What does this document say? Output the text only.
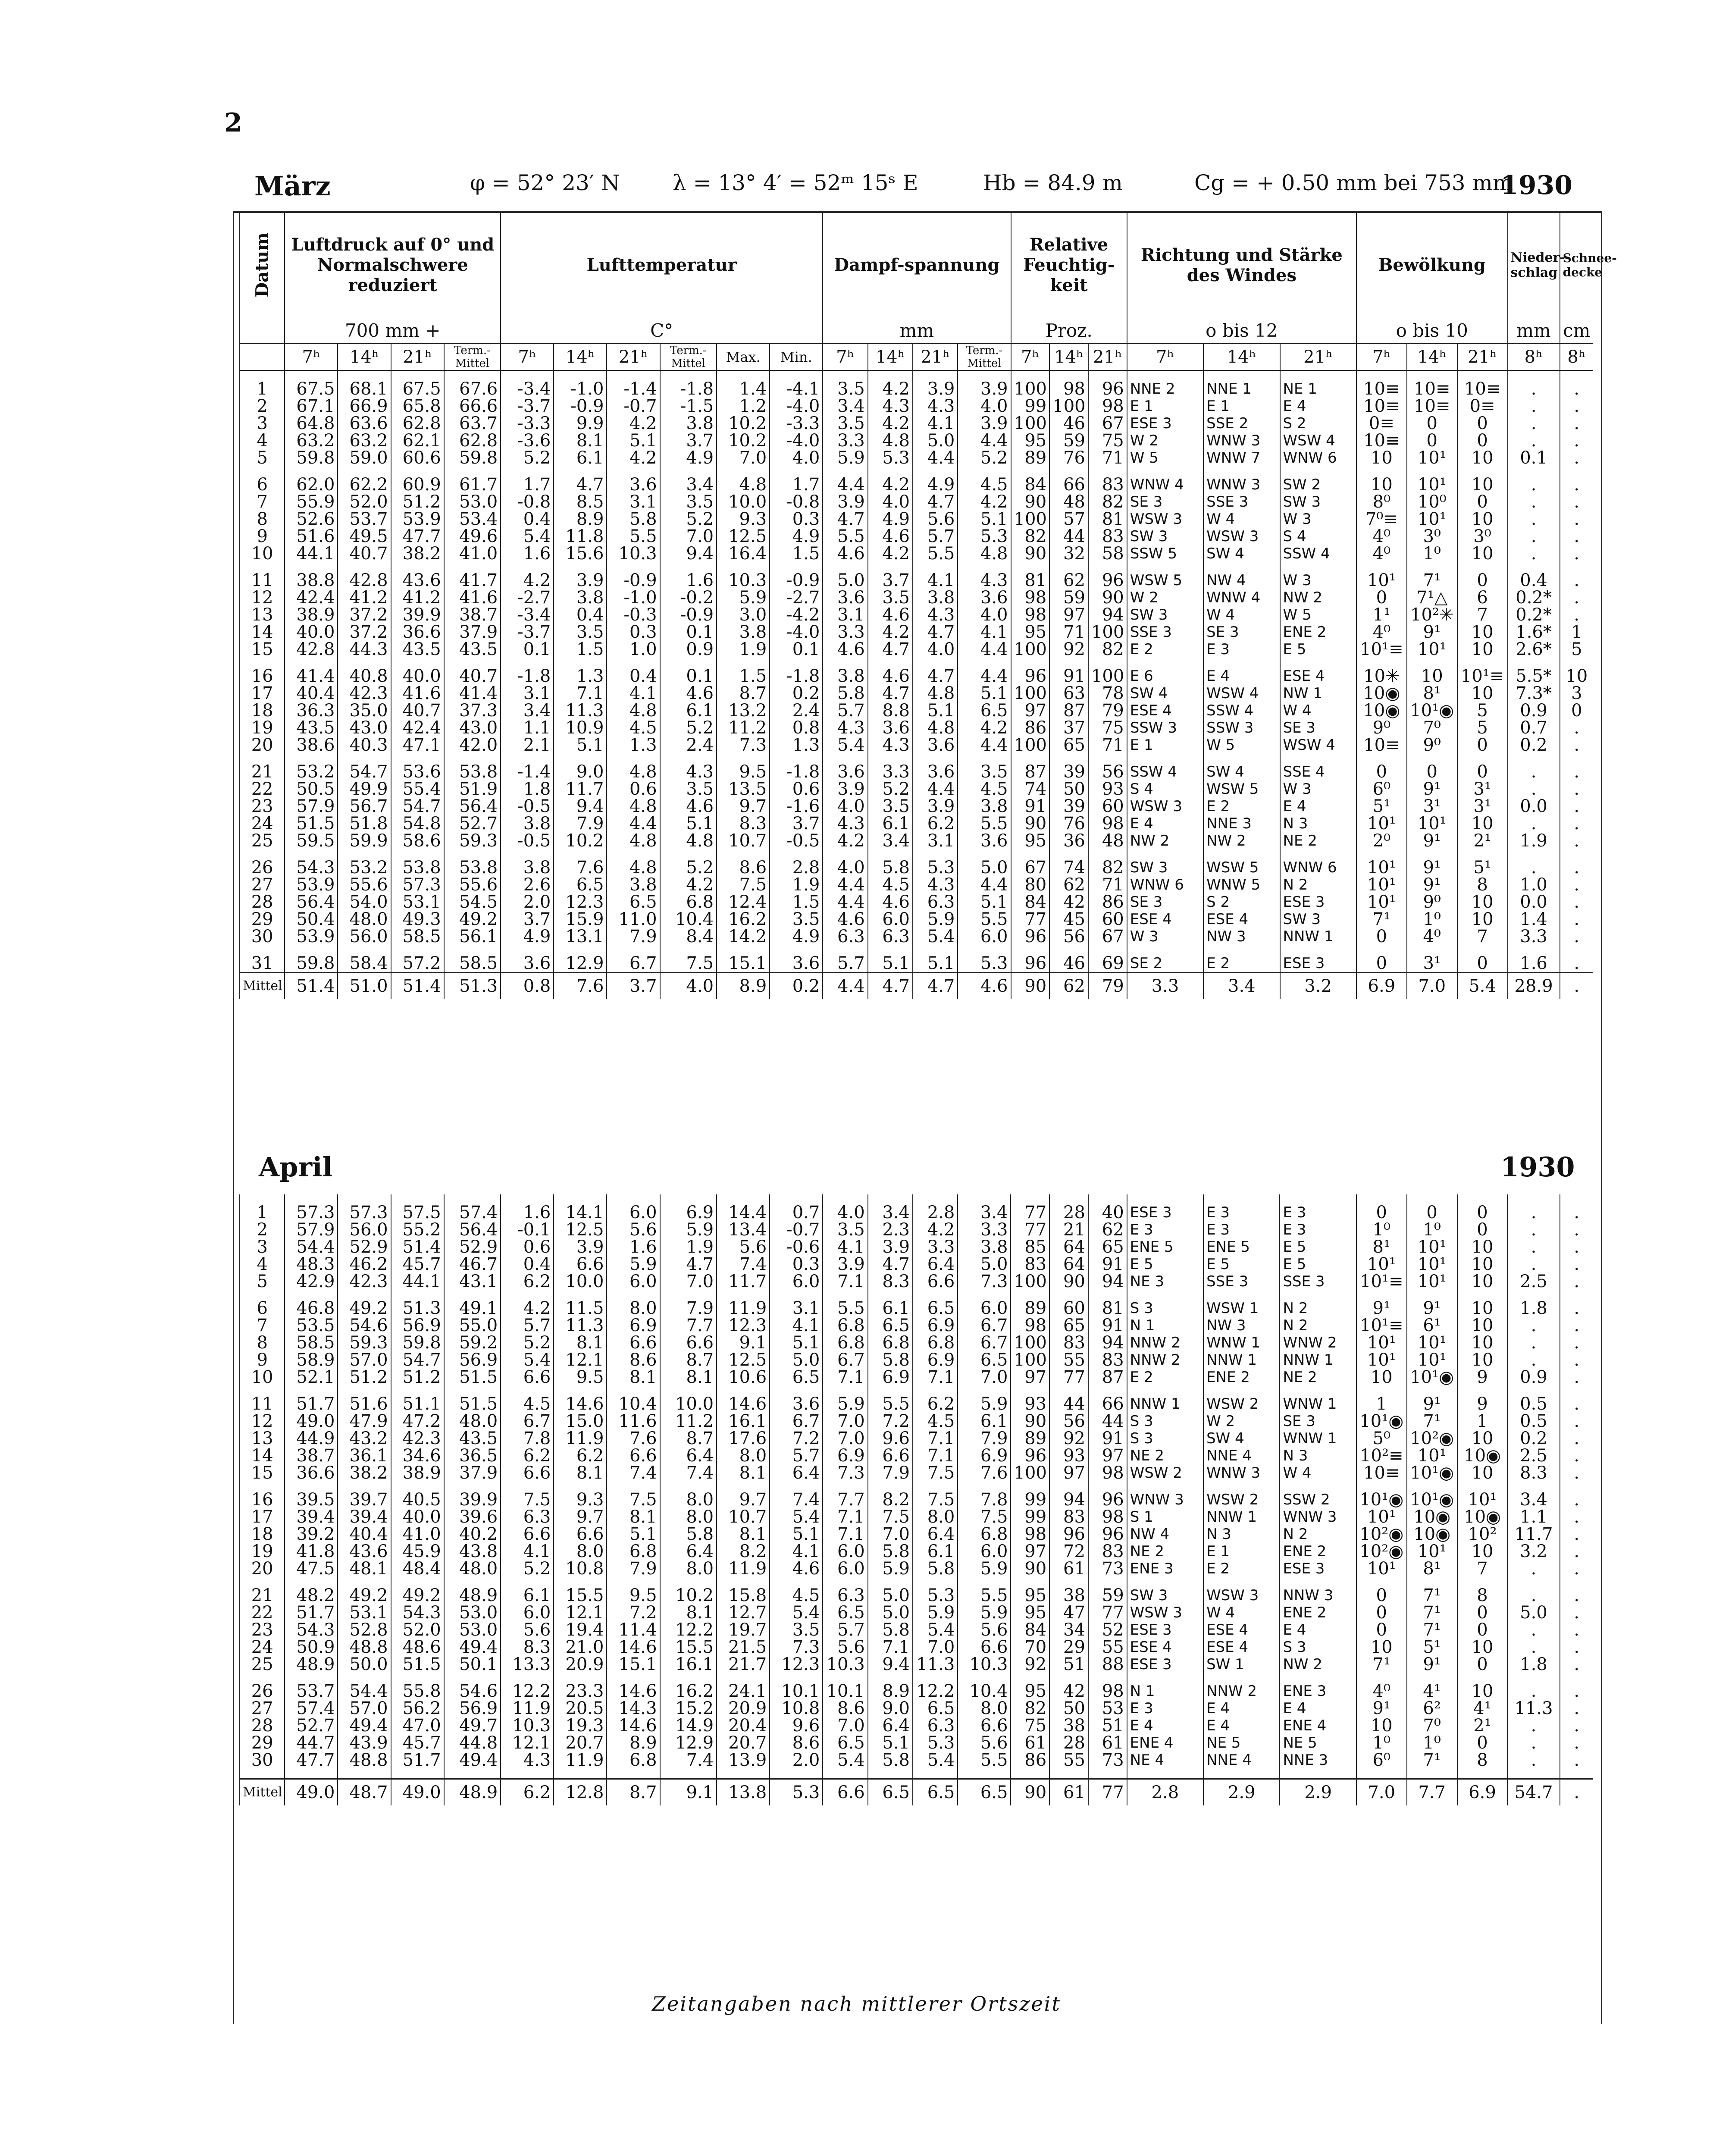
2
März	φ = 52° 23′ N λ = 13° 4′ = 52ᵐ 15ˢ E	Hb = 84.9 m	Cg = + 0.50 mm bei 753 mm
1930
Datum	Luftdruck auf 0° und Normalschwere reduziert				Lufttemperatur						Dampf-spannung				Relative Feuchtig-keit			Richtung und Stärke des Windes			Bewölkung			Nieder-schlag	Schnee-decke
	700 mm +				C°						mm				Proz.			o bis 12			o bis 10			mm	cm
	7ʰ	14ʰ	21ʰ	Term.-Mittel	7ʰ	14ʰ	21ʰ	Term.-Mittel	Max.	Min.	7ʰ	14ʰ	21ʰ	Term.-Mittel	7ʰ	14ʰ	21ʰ	7ʰ	14ʰ	21ʰ	7ʰ	14ʰ	21ʰ	8ʰ	8ʰ

1	67.5	68.1	67.5	67.6	-3.4	-1.0	-1.4	-1.8	1.4	-4.1	3.5	4.2	3.9	3.9	100	98	96	NNE 2	NNE 1	NE 1	10≡	10≡	10≡	.	.
2	67.1	66.9	65.8	66.6	-3.7	-0.9	-0.7	-1.5	1.2	-4.0	3.4	4.3	4.3	4.0	99	100	98	E 1	E 1	E 4	10≡	10≡	0≡	.	.
3	64.8	63.6	62.8	63.7	-3.3	9.9	4.2	3.8	10.2	-3.3	3.5	4.2	4.1	3.9	100	46	67	ESE 3	SSE 2	S 2	0≡	0	0	.	.
4	63.2	63.2	62.1	62.8	-3.6	8.1	5.1	3.7	10.2	-4.0	3.3	4.8	5.0	4.4	95	59	75	W 2	WNW 3	WSW 4	10≡	0	0	.	.
5	59.8	59.0	60.6	59.8	5.2	6.1	4.2	4.9	7.0	4.0	5.9	5.3	4.4	5.2	89	76	71	W 5	WNW 7	WNW 6	10	10¹	10	0.1	.

6	62.0	62.2	60.9	61.7	1.7	4.7	3.6	3.4	4.8	1.7	4.4	4.2	4.9	4.5	84	66	83	WNW 4	WNW 3	SW 2	10	10¹	10	.	.
7	55.9	52.0	51.2	53.0	-0.8	8.5	3.1	3.5	10.0	-0.8	3.9	4.0	4.7	4.2	90	48	82	SE 3	SSE 3	SW 3	8⁰	10⁰	0	.	.
8	52.6	53.7	53.9	53.4	0.4	8.9	5.8	5.2	9.3	0.3	4.7	4.9	5.6	5.1	100	57	81	WSW 3	W 4	W 3	7⁰≡	10¹	10	.	.
9	51.6	49.5	47.7	49.6	5.4	11.8	5.5	7.0	12.5	4.9	5.5	4.6	5.7	5.3	82	44	83	SW 3	WSW 3	S 4	4⁰	3⁰	3⁰	.	.
10	44.1	40.7	38.2	41.0	1.6	15.6	10.3	9.4	16.4	1.5	4.6	4.2	5.5	4.8	90	32	58	SSW 5	SW 4	SSW 4	4⁰	1⁰	10	.	.

11	38.8	42.8	43.6	41.7	4.2	3.9	-0.9	1.6	10.3	-0.9	5.0	3.7	4.1	4.3	81	62	96	WSW 5	NW 4	W 3	10¹	7¹	0	0.4	.
12	42.4	41.2	41.2	41.6	-2.7	3.8	-1.0	-0.2	5.9	-2.7	3.6	3.5	3.8	3.6	98	59	90	W 2	WNW 4	NW 2	0	7¹△	6	0.2*	.
13	38.9	37.2	39.9	38.7	-3.4	0.4	-0.3	-0.9	3.0	-4.2	3.1	4.6	4.3	4.0	98	97	94	SW 3	W 4	W 5	1¹	10²✳	7	0.2*	.
14	40.0	37.2	36.6	37.9	-3.7	3.5	0.3	0.1	3.8	-4.0	3.3	4.2	4.7	4.1	95	71	100	SSE 3	SE 3	ENE 2	4⁰	9¹	10	1.6*	1
15	42.8	44.3	43.5	43.5	0.1	1.5	1.0	0.9	1.9	0.1	4.6	4.7	4.0	4.4	100	92	82	E 2	E 3	E 5	10¹≡	10¹	10	2.6*	5

16	41.4	40.8	40.0	40.7	-1.8	1.3	0.4	0.1	1.5	-1.8	3.8	4.6	4.7	4.4	96	91	100	E 6	E 4	ESE 4	10✳	10	10¹≡	5.5*	10
17	40.4	42.3	41.6	41.4	3.1	7.1	4.1	4.6	8.7	0.2	5.8	4.7	4.8	5.1	100	63	78	SW 4	WSW 4	NW 1	10◉	8¹	10	7.3*	3
18	36.3	35.0	40.7	37.3	3.4	11.3	4.8	6.1	13.2	2.4	5.7	8.8	5.1	6.5	97	87	79	ESE 4	SSW 4	W 4	10◉	10¹◉	5	0.9	0
19	43.5	43.0	42.4	43.0	1.1	10.9	4.5	5.2	11.2	0.8	4.3	3.6	4.8	4.2	86	37	75	SSW 3	SSW 3	SE 3	9⁰	7⁰	5	0.7	.
20	38.6	40.3	47.1	42.0	2.1	5.1	1.3	2.4	7.3	1.3	5.4	4.3	3.6	4.4	100	65	71	E 1	W 5	WSW 4	10≡	9⁰	0	0.2	.

21	53.2	54.7	53.6	53.8	-1.4	9.0	4.8	4.3	9.5	-1.8	3.6	3.3	3.6	3.5	87	39	56	SSW 4	SW 4	SSE 4	0	0	0	.	.
22	50.5	49.9	55.4	51.9	1.8	11.7	0.6	3.5	13.5	0.6	3.9	5.2	4.4	4.5	74	50	93	S 4	WSW 5	W 3	6⁰	9¹	3¹	.	.
23	57.9	56.7	54.7	56.4	-0.5	9.4	4.8	4.6	9.7	-1.6	4.0	3.5	3.9	3.8	91	39	60	WSW 3	E 2	E 4	5¹	3¹	3¹	0.0	.
24	51.5	51.8	54.8	52.7	3.8	7.9	4.4	5.1	8.3	3.7	4.3	6.1	6.2	5.5	90	76	98	E 4	NNE 3	N 3	10¹	10¹	10	.	.
25	59.5	59.9	58.6	59.3	-0.5	10.2	4.8	4.8	10.7	-0.5	4.2	3.4	3.1	3.6	95	36	48	NW 2	NW 2	NE 2	2⁰	9¹	2¹	1.9	.

26	54.3	53.2	53.8	53.8	3.8	7.6	4.8	5.2	8.6	2.8	4.0	5.8	5.3	5.0	67	74	82	SW 3	WSW 5	WNW 6	10¹	9¹	5¹	.	.
27	53.9	55.6	57.3	55.6	2.6	6.5	3.8	4.2	7.5	1.9	4.4	4.5	4.3	4.4	80	62	71	WNW 6	WNW 5	N 2	10¹	9¹	8	1.0	.
28	56.4	54.0	53.1	54.5	2.0	12.3	6.5	6.8	12.4	1.5	4.4	4.6	6.3	5.1	84	42	86	SE 3	S 2	ESE 3	10¹	9⁰	10	0.0	.
29	50.4	48.0	49.3	49.2	3.7	15.9	11.0	10.4	16.2	3.5	4.6	6.0	5.9	5.5	77	45	60	ESE 4	ESE 4	SW 3	7¹	1⁰	10	1.4	.
30	53.9	56.0	58.5	56.1	4.9	13.1	7.9	8.4	14.2	4.9	6.3	6.3	5.4	6.0	96	56	67	W 3	NW 3	NNW 1	0	4⁰	7	3.3	.

31	59.8	58.4	57.2	58.5	3.6	12.9	6.7	7.5	15.1	3.6	5.7	5.1	5.1	5.3	96	46	69	SE 2	E 2	ESE 3	0	3¹	0	1.6	.
Mittel	51.4	51.0	51.4	51.3	0.8	7.6	3.7	4.0	8.9	0.2	4.4	4.7	4.7	4.6	90	62	79	3.3	3.4	3.2	6.9	7.0	5.4	28.9	.
April	1930

1	57.3	57.3	57.5	57.4	1.6	14.1	6.0	6.9	14.4	0.7	4.0	3.4	2.8	3.4	77	28	40	ESE 3	E 3	E 3	0	0	0	.	.
2	57.9	56.0	55.2	56.4	-0.1	12.5	5.6	5.9	13.4	-0.7	3.5	2.3	4.2	3.3	77	21	62	E 3	E 3	E 3	1⁰	1⁰	0	.	.
3	54.4	52.9	51.4	52.9	0.6	3.9	1.6	1.9	5.6	-0.6	4.1	3.9	3.3	3.8	85	64	65	ENE 5	ENE 5	E 5	8¹	10¹	10	.	.
4	48.3	46.2	45.7	46.7	0.4	6.6	5.9	4.7	7.4	0.3	3.9	4.7	6.4	5.0	83	64	91	E 5	E 5	E 5	10¹	10¹	10	.	.
5	42.9	42.3	44.1	43.1	6.2	10.0	6.0	7.0	11.7	6.0	7.1	8.3	6.6	7.3	100	90	94	NE 3	SSE 3	SSE 3	10¹≡	10¹	10	2.5	.

6	46.8	49.2	51.3	49.1	4.2	11.5	8.0	7.9	11.9	3.1	5.5	6.1	6.5	6.0	89	60	81	S 3	WSW 1	N 2	9¹	9¹	10	1.8	.
7	53.5	54.6	56.9	55.0	5.7	11.3	6.9	7.7	12.3	4.1	6.8	6.5	6.9	6.7	98	65	91	N 1	NW 3	N 2	10¹≡	6¹	10	.	.
8	58.5	59.3	59.8	59.2	5.2	8.1	6.6	6.6	9.1	5.1	6.8	6.8	6.8	6.7	100	83	94	NNW 2	WNW 1	WNW 2	10¹	10¹	10	.	.
9	58.9	57.0	54.7	56.9	5.4	12.1	8.6	8.7	12.5	5.0	6.7	5.8	6.9	6.5	100	55	83	NNW 2	NNW 1	NNW 1	10¹	10¹	10	.	.
10	52.1	51.2	51.2	51.5	6.6	9.5	8.1	8.1	10.6	6.5	7.1	6.9	7.1	7.0	97	77	87	E 2	ENE 2	NE 2	10	10¹◉	9	0.9	.

11	51.7	51.6	51.1	51.5	4.5	14.6	10.4	10.0	14.6	3.6	5.9	5.5	6.2	5.9	93	44	66	NNW 1	WSW 2	WNW 1	1	9¹	9	0.5	.
12	49.0	47.9	47.2	48.0	6.7	15.0	11.6	11.2	16.1	6.7	7.0	7.2	4.5	6.1	90	56	44	S 3	W 2	SE 3	10¹◉	7¹	1	0.5	.
13	44.9	43.2	42.3	43.5	7.8	11.9	7.6	8.7	17.6	7.2	7.0	9.6	7.1	7.9	89	92	91	S 3	SW 4	WNW 1	5⁰	10²◉	10	0.2	.
14	38.7	36.1	34.6	36.5	6.2	6.2	6.6	6.4	8.0	5.7	6.9	6.6	7.1	6.9	96	93	97	NE 2	NNE 4	N 3	10²≡	10¹	10◉	2.5	.
15	36.6	38.2	38.9	37.9	6.6	8.1	7.4	7.4	8.1	6.4	7.3	7.9	7.5	7.6	100	97	98	WSW 2	WNW 3	W 4	10≡	10¹◉	10	8.3	.

16	39.5	39.7	40.5	39.9	7.5	9.3	7.5	8.0	9.7	7.4	7.7	8.2	7.5	7.8	99	94	96	WNW 3	WSW 2	SSW 2	10¹◉	10¹◉	10¹	3.4	.
17	39.4	39.4	40.0	39.6	6.3	9.7	8.1	8.0	10.7	5.4	7.1	7.5	8.0	7.5	99	83	98	S 1	NNW 1	WNW 3	10¹	10◉	10◉	1.1	.
18	39.2	40.4	41.0	40.2	6.6	6.6	5.1	5.8	8.1	5.1	7.1	7.0	6.4	6.8	98	96	96	NW 4	N 3	N 2	10²◉	10◉	10²	11.7	.
19	41.8	43.6	45.9	43.8	4.1	8.0	6.8	6.4	8.2	4.1	6.0	5.8	6.1	6.0	97	72	83	NE 2	E 1	ENE 2	10²◉	10¹	10	3.2	.
20	47.5	48.1	48.4	48.0	5.2	10.8	7.9	8.0	11.9	4.6	6.0	5.9	5.8	5.9	90	61	73	ENE 3	E 2	ESE 3	10¹	8¹	7	.	.

21	48.2	49.2	49.2	48.9	6.1	15.5	9.5	10.2	15.8	4.5	6.3	5.0	5.3	5.5	95	38	59	SW 3	WSW 3	NNW 3	0	7¹	8	.	.
22	51.7	53.1	54.3	53.0	6.0	12.1	7.2	8.1	12.7	5.4	6.5	5.0	5.9	5.9	95	47	77	WSW 3	W 4	ENE 2	0	7¹	0	5.0	.
23	54.3	52.8	52.0	53.0	5.6	19.4	11.4	12.2	19.7	3.5	5.7	5.8	5.4	5.6	84	34	52	ESE 3	ESE 4	E 4	0	7¹	0	.	.
24	50.9	48.8	48.6	49.4	8.3	21.0	14.6	15.5	21.5	7.3	5.6	7.1	7.0	6.6	70	29	55	ESE 4	ESE 4	S 3	10	5¹	10	.	.
25	48.9	50.0	51.5	50.1	13.3	20.9	15.1	16.1	21.7	12.3	10.3	9.4	11.3	10.3	92	51	88	ESE 3	SW 1	NW 2	7¹	9¹	0	1.8	.

26	53.7	54.4	55.8	54.6	12.2	23.3	14.6	16.2	24.1	10.1	10.1	8.9	12.2	10.4	95	42	98	N 1	NNW 2	ENE 3	4⁰	4¹	10	.	.
27	57.4	57.0	56.2	56.9	11.9	20.5	14.3	15.2	20.9	10.8	8.6	9.0	6.5	8.0	82	50	53	E 3	E 4	E 4	9¹	6²	4¹	11.3	.
28	52.7	49.4	47.0	49.7	10.3	19.3	14.6	14.9	20.4	9.6	7.0	6.4	6.3	6.6	75	38	51	E 4	E 4	ENE 4	10	7⁰	2¹	.	.
29	44.7	43.9	45.7	44.8	12.1	20.7	8.9	12.9	20.7	8.6	6.5	5.1	5.3	5.6	61	28	61	ENE 4	NE 5	NE 5	1⁰	1⁰	0	.	.
30	47.7	48.8	51.7	49.4	4.3	11.9	6.8	7.4	13.9	2.0	5.4	5.8	5.4	5.5	86	55	73	NE 4	NNE 4	NNE 3	6⁰	7¹	8	.	.

Mittel	49.0	48.7	49.0	48.9	6.2	12.8	8.7	9.1	13.8	5.3	6.6	6.5	6.5	6.5	90	61	77	2.8	2.9	2.9	7.0	7.7	6.9	54.7	.
Zeitangaben nach mittlerer Ortszeit
